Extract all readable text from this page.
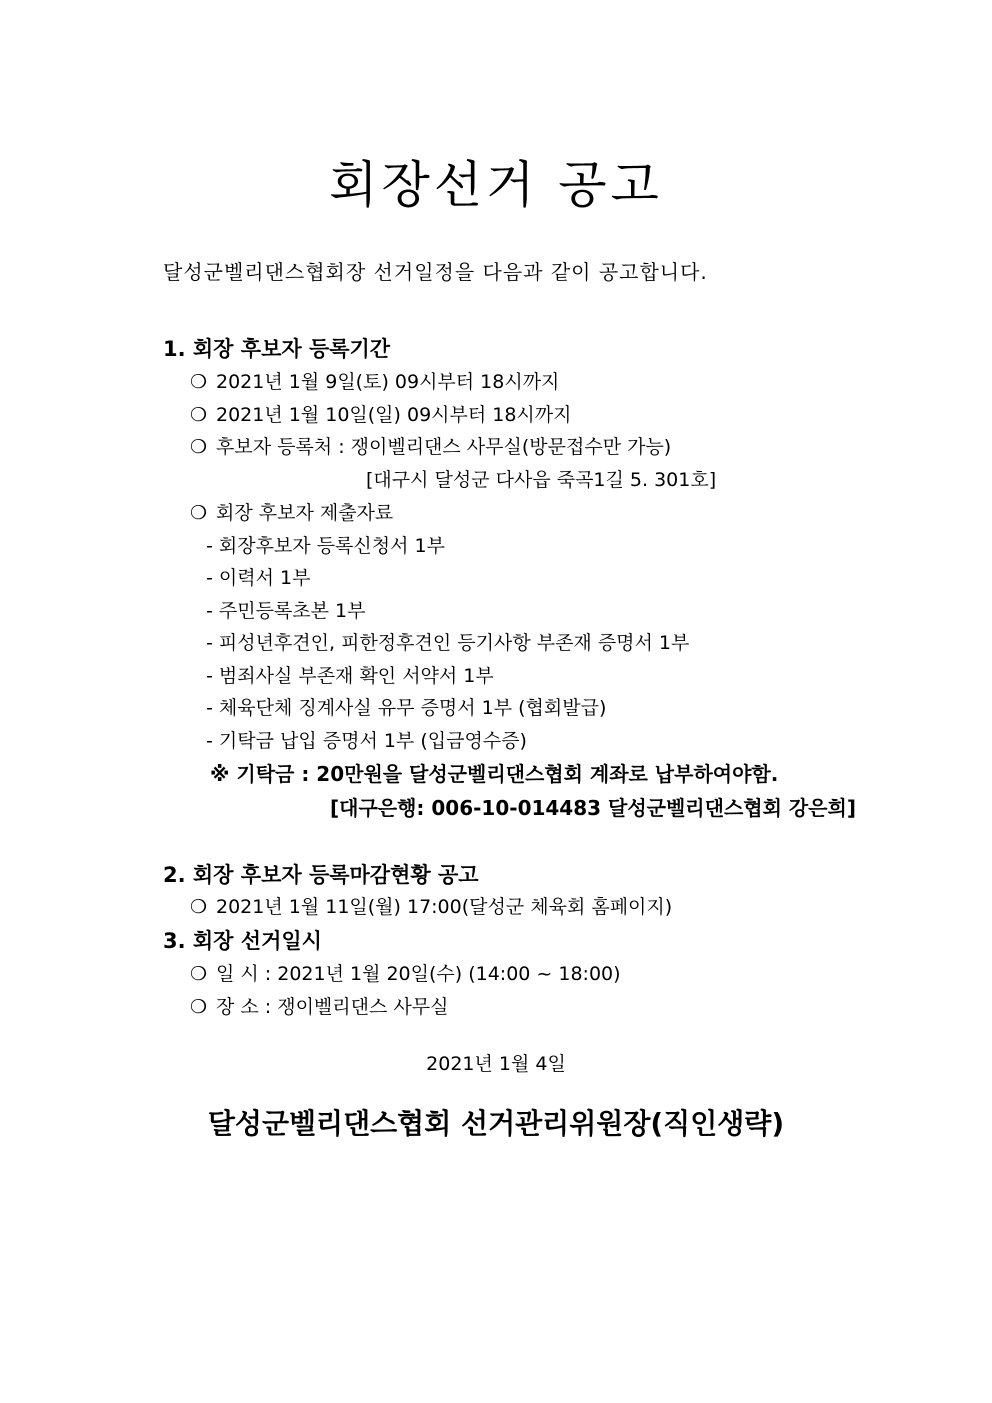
회장선거 공고
달성군벨리댄스협회장 선거일정을 다음과 같이 공고합니다.
1. 회장 후보자 등록기간
❍ 2021년 1월 9일(토) 09시부터 18시까지
❍ 2021년 1월 10일(일) 09시부터 18시까지
❍ 후보자 등록처 : 쟁이벨리댄스 사무실(방문접수만 가능)
[대구시 달성군 다사읍 죽곡1길 5. 301호]
❍ 회장 후보자 제출자료
- 회장후보자 등록신청서 1부
- 이력서 1부
- 주민등록초본 1부
- 피성년후견인, 피한정후견인 등기사항 부존재 증명서 1부
- 범죄사실 부존재 확인 서약서 1부
- 체육단체 징계사실 유무 증명서 1부 (협회발급)
- 기탁금 납입 증명서 1부 (입금영수증)
※ 기탁금 : 20만원을 달성군벨리댄스협회 계좌로 납부하여야함.
[대구은행: 006-10-014483 달성군벨리댄스협회 강은희]
2. 회장 후보자 등록마감현황 공고
❍ 2021년 1월 11일(월) 17:00(달성군 체육회 홈페이지)
3. 회장 선거일시
❍ 일 시 : 2021년 1월 20일(수) (14:00 ~ 18:00)
❍ 장 소 : 쟁이벨리댄스 사무실
2021년 1월 4일
달성군벨리댄스협회 선거관리위원장(직인생략)
